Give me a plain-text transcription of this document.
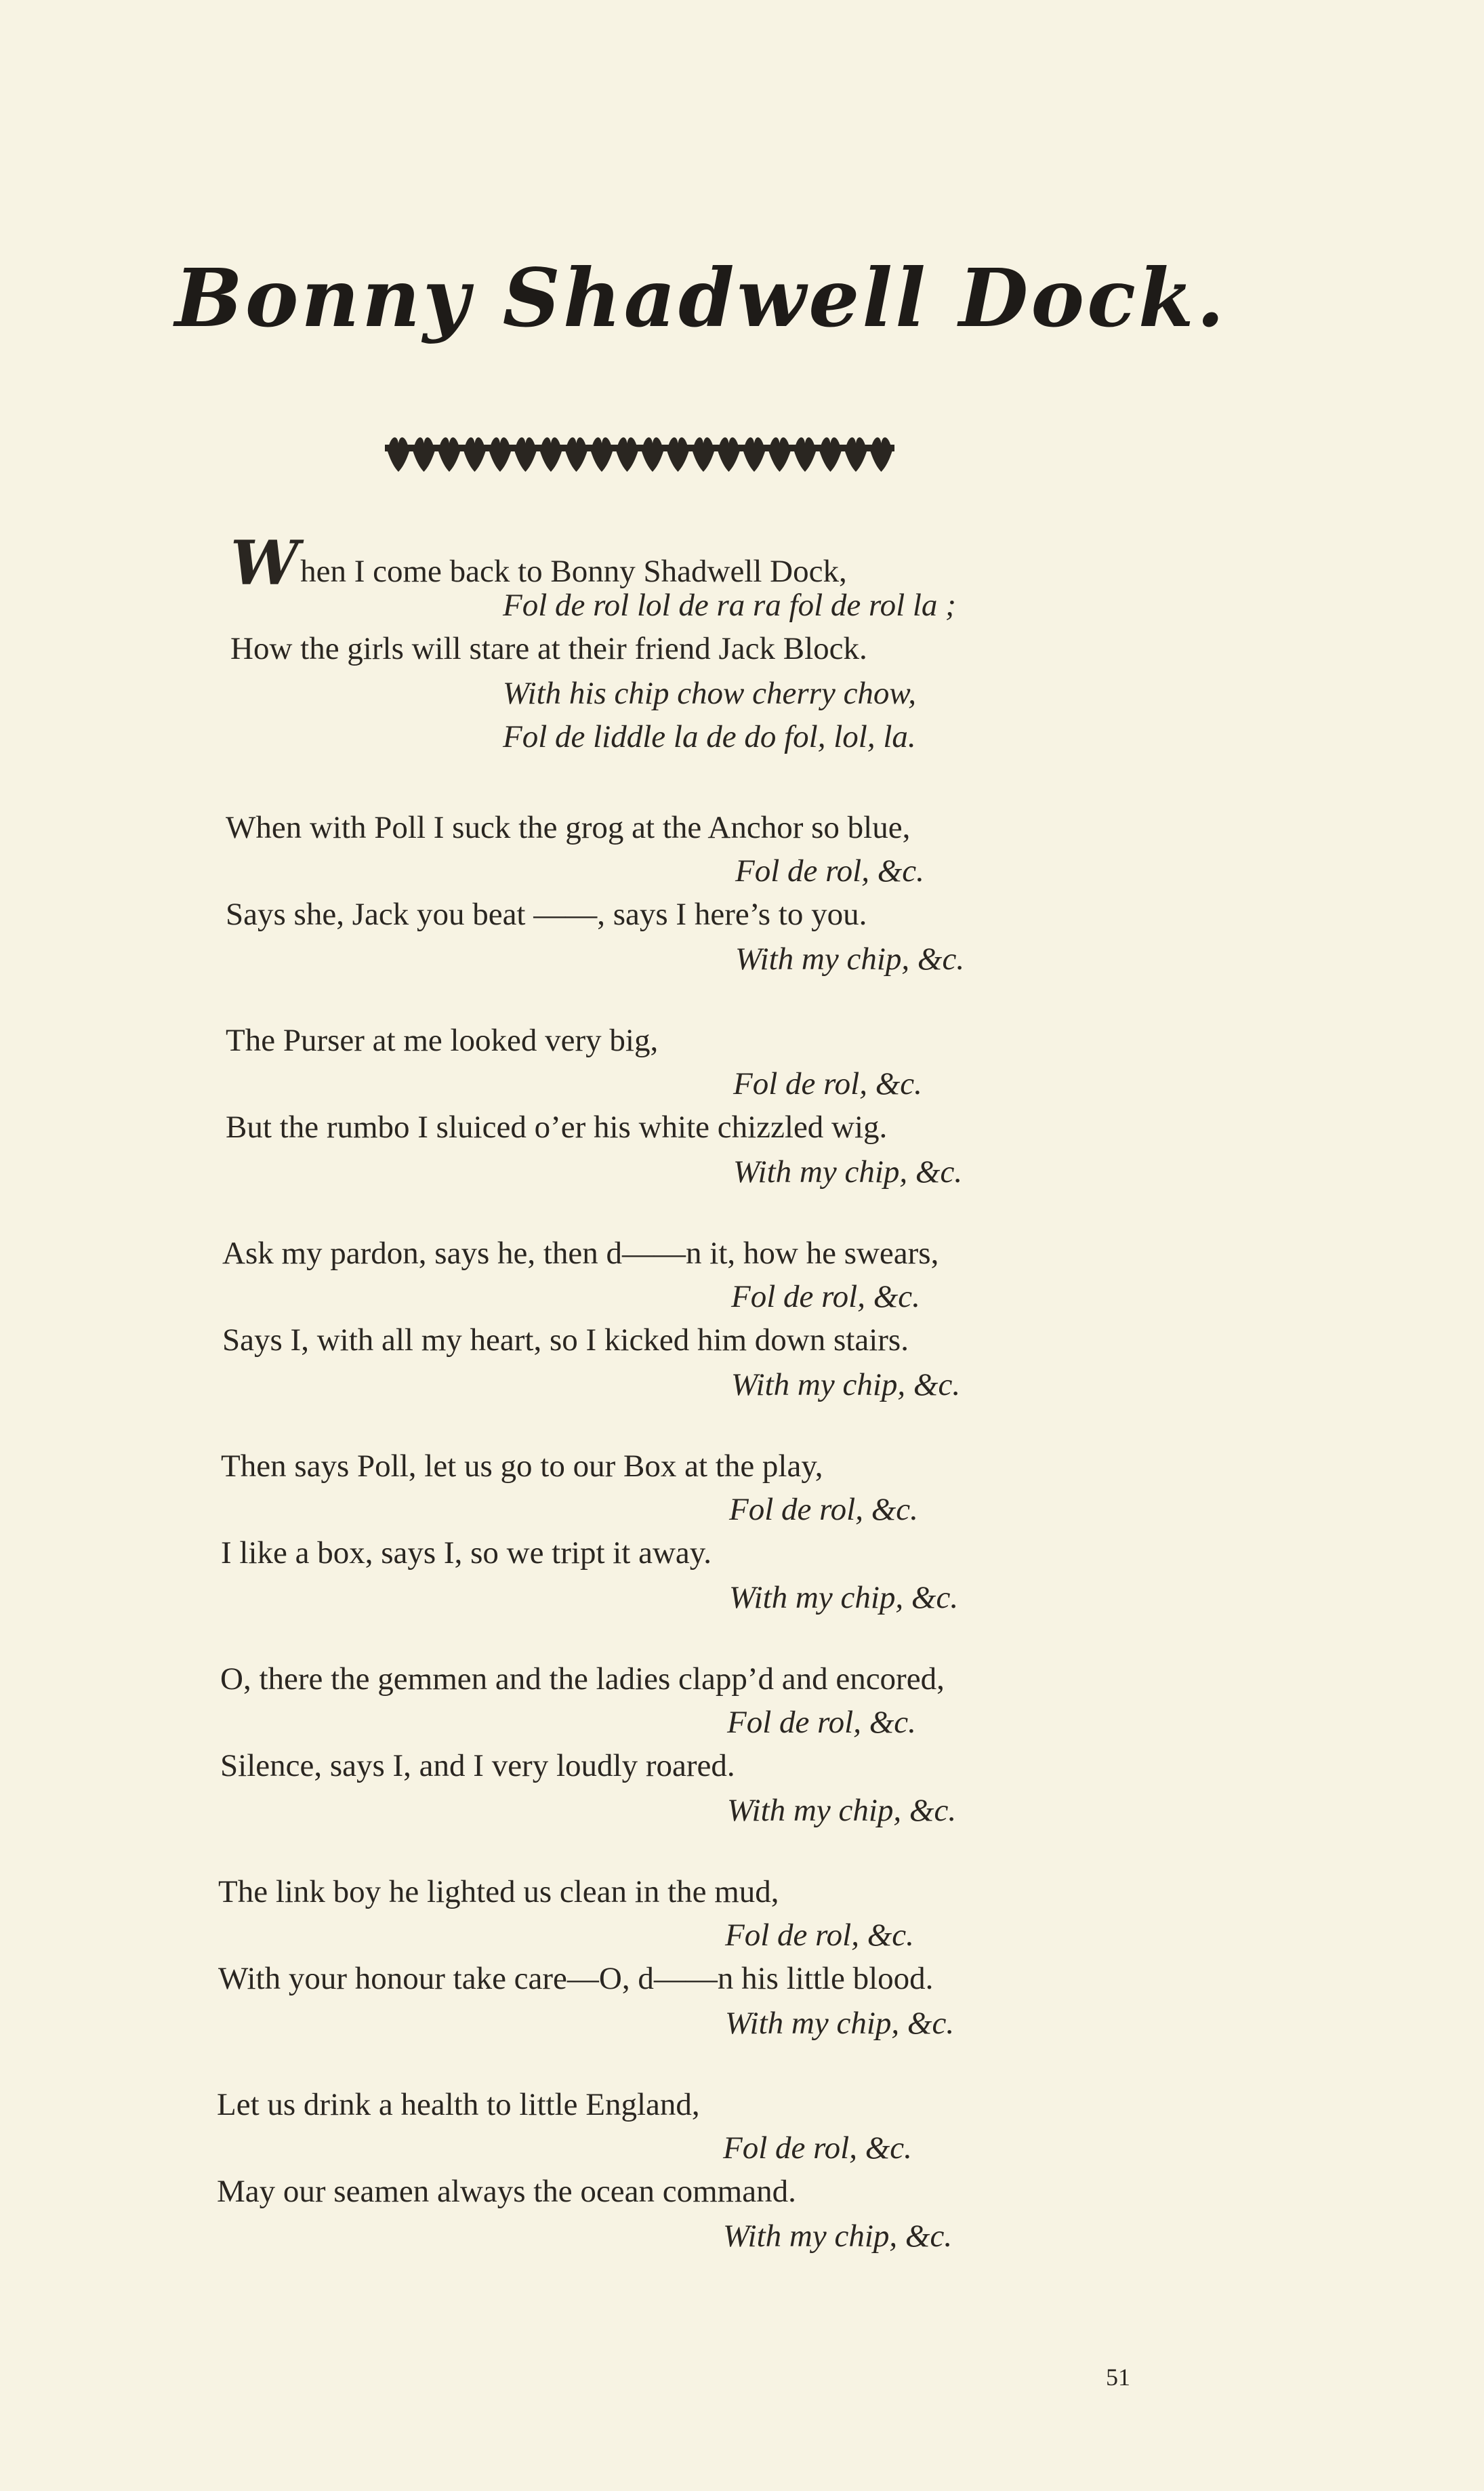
Bonny Shadwell Dock.
When I come back to Bonny Shadwell Dock,
Fol de rol lol de ra ra fol de rol la ;
How the girls will stare at their friend Jack Block.
With his chip chow cherry chow,
Fol de liddle la de do fol, lol, la.
When with Poll I suck the grog at the Anchor so blue,
Fol de rol, &c.
Says she, Jack you beat ——, says I here’s to you.
With my chip, &c.
The Purser at me looked very big,
Fol de rol, &c.
But the rumbo I sluiced o’er his white chizzled wig.
With my chip, &c.
Ask my pardon, says he, then d——n it, how he swears,
Fol de rol, &c.
Says I, with all my heart, so I kicked him down stairs.
With my chip, &c.
Then says Poll, let us go to our Box at the play,
Fol de rol, &c.
I like a box, says I, so we tript it away.
With my chip, &c.
O, there the gemmen and the ladies clapp’d and encored,
Fol de rol, &c.
Silence, says I, and I very loudly roared.
With my chip, &c.
The link boy he lighted us clean in the mud,
Fol de rol, &c.
With your honour take care—O, d——n his little blood.
With my chip, &c.
Let us drink a health to little England,
Fol de rol, &c.
May our seamen always the ocean command.
With my chip, &c.
51
